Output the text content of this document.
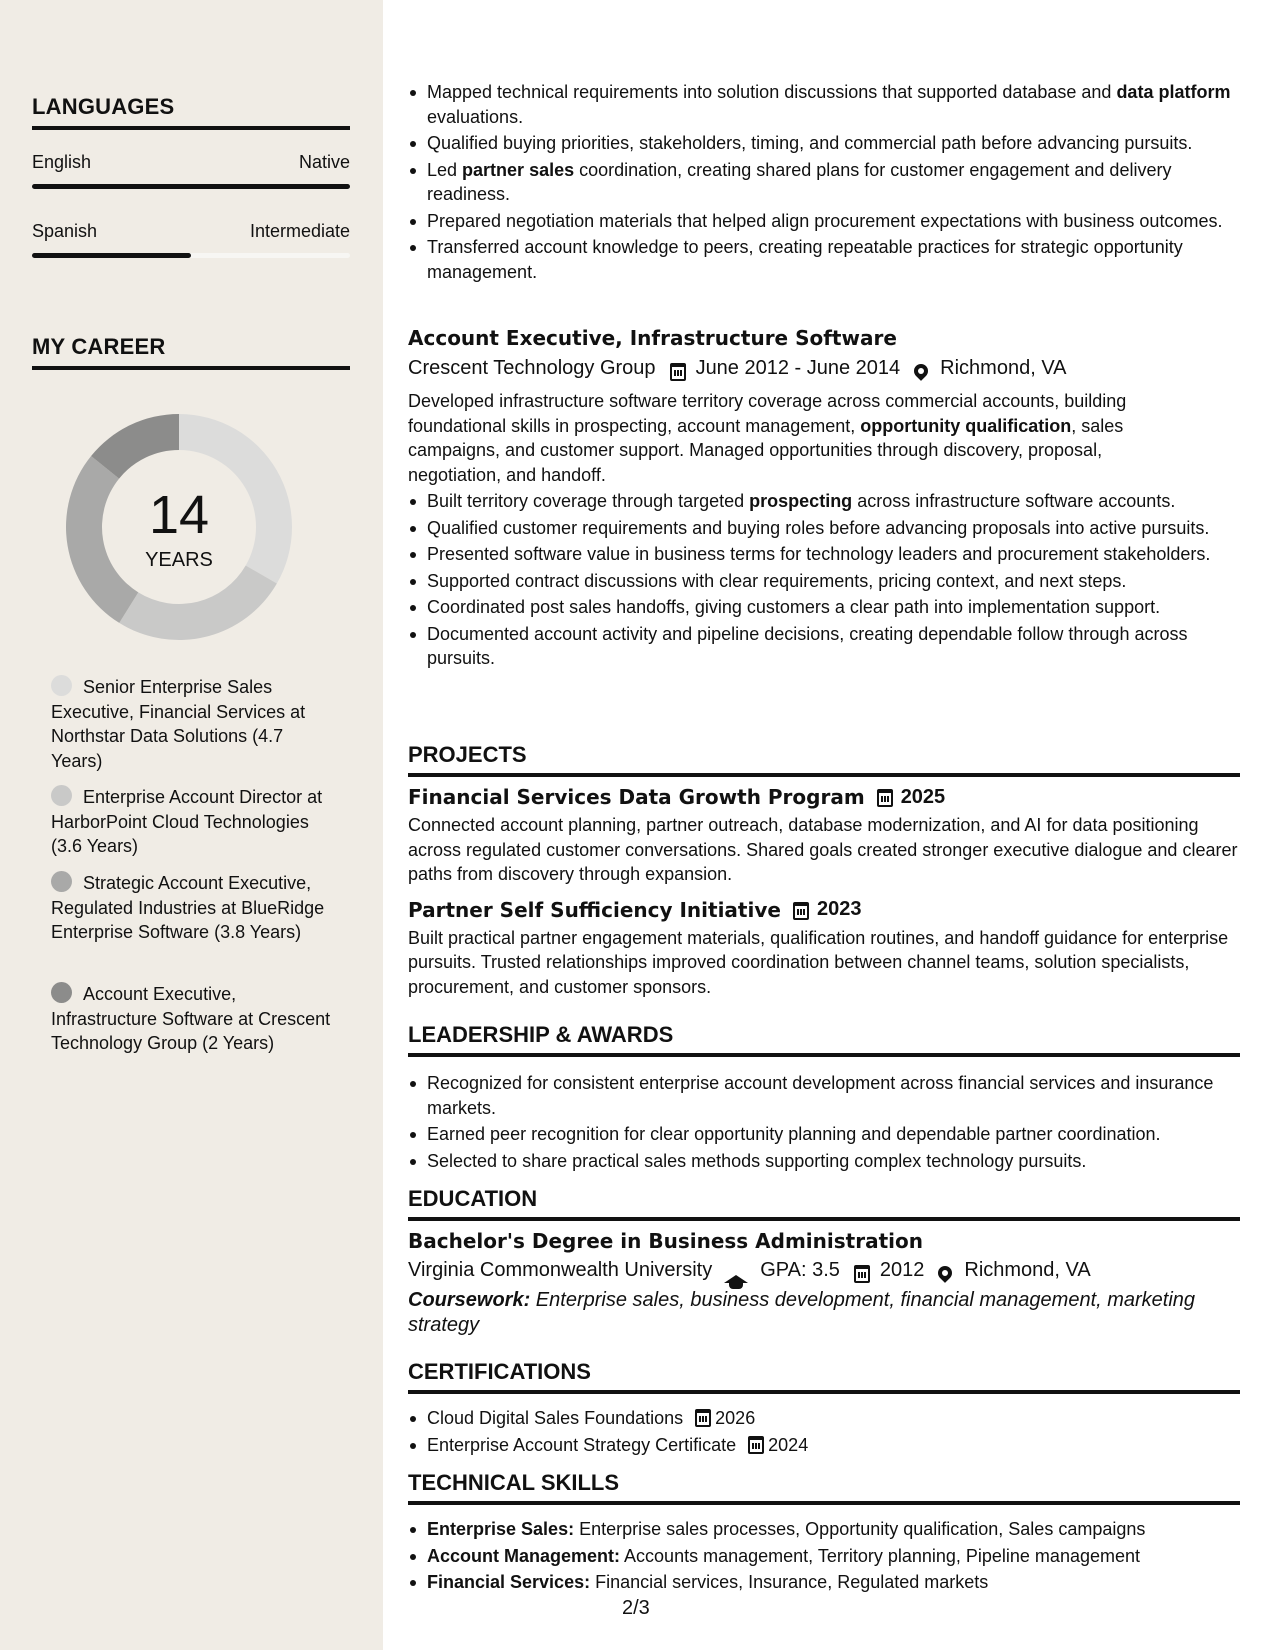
LANGUAGES
English	Native
Spanish	Intermediate
MY CAREER
14
YEARS
Senior Enterprise Sales Executive, Financial Services at Northstar Data Solutions (4.7 Years)
Enterprise Account Director at HarborPoint Cloud Technologies (3.6 Years)
Strategic Account Executive, Regulated Industries at BlueRidge Enterprise Software (3.8 Years)
Account Executive, Infrastructure Software at Crescent Technology Group (2 Years)
Mapped technical requirements into solution discussions that supported database and data platform evaluations.
Qualified buying priorities, stakeholders, timing, and commercial path before advancing pursuits.
Led partner sales coordination, creating shared plans for customer engagement and delivery readiness.
Prepared negotiation materials that helped align procurement expectations with business outcomes.
Transferred account knowledge to peers, creating repeatable practices for strategic opportunity management.
Account Executive, Infrastructure Software
Crescent Technology Group June 2012 - June 2014 Richmond, VA
Developed infrastructure software territory coverage across commercial accounts, building foundational skills in prospecting, account management, opportunity qualification, sales campaigns, and customer support. Managed opportunities through discovery, proposal, negotiation, and handoff.
Built territory coverage through targeted prospecting across infrastructure software accounts.
Qualified customer requirements and buying roles before advancing proposals into active pursuits.
Presented software value in business terms for technology leaders and procurement stakeholders.
Supported contract discussions with clear requirements, pricing context, and next steps.
Coordinated post sales handoffs, giving customers a clear path into implementation support.
Documented account activity and pipeline decisions, creating dependable follow through across pursuits.
PROJECTS
Financial Services Data Growth Program 2025
Connected account planning, partner outreach, database modernization, and AI for data positioning across regulated customer conversations. Shared goals created stronger executive dialogue and clearer paths from discovery through expansion.
Partner Self Sufficiency Initiative 2023
Built practical partner engagement materials, qualification routines, and handoff guidance for enterprise pursuits. Trusted relationships improved coordination between channel teams, solution specialists, procurement, and customer sponsors.
LEADERSHIP & AWARDS
Recognized for consistent enterprise account development across financial services and insurance markets.
Earned peer recognition for clear opportunity planning and dependable partner coordination.
Selected to share practical sales methods supporting complex technology pursuits.
EDUCATION
Bachelor's Degree in Business Administration
Virginia Commonwealth University GPA: 3.5 2012 Richmond, VA
Coursework: Enterprise sales, business development, financial management, marketing strategy
CERTIFICATIONS
Cloud Digital Sales Foundations 2026
Enterprise Account Strategy Certificate 2024
TECHNICAL SKILLS
Enterprise Sales: Enterprise sales processes, Opportunity qualification, Sales campaigns
Account Management: Accounts management, Territory planning, Pipeline management
Financial Services: Financial services, Insurance, Regulated markets
2/3
